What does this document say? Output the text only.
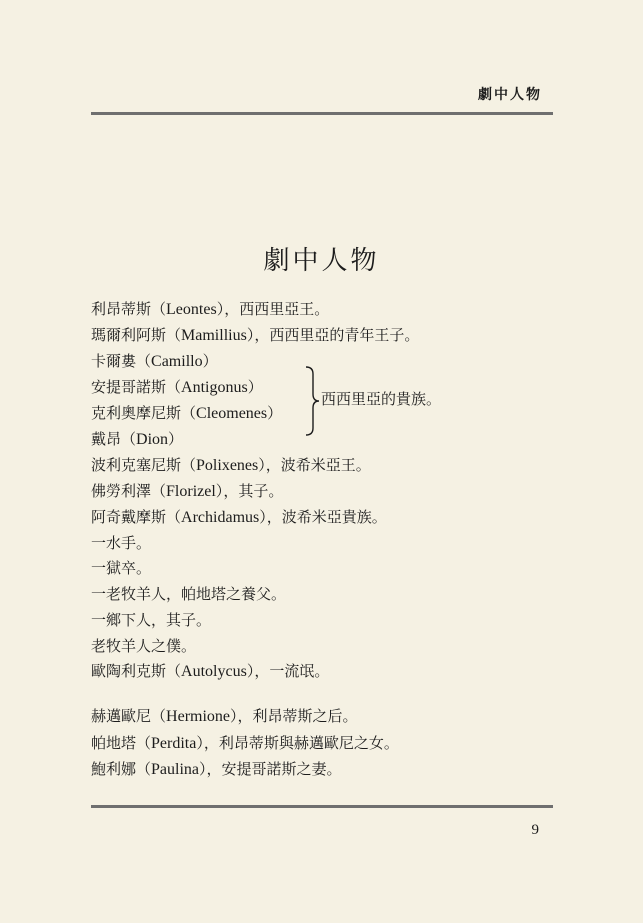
劇中人物
劇中人物
利昂蒂斯（Leontes），西西里亞王。
瑪爾利阿斯（Mamillius），西西里亞的青年王子。
卡爾婁（Camillo）
安提哥諾斯（Antigonus）
克利奧摩尼斯（Cleomenes）
戴昂（Dion）
波利克塞尼斯（Polixenes），波希米亞王。
佛勞利澤（Florizel），其子。
阿奇戴摩斯（Archidamus），波希米亞貴族。
一水手。
一獄卒。
一老牧羊人，帕地塔之養父。
一鄉下人，其子。
老牧羊人之僕。
歐陶利克斯（Autolycus），一流氓。
赫邁歐尼（Hermione），利昂蒂斯之后。
帕地塔（Perdita），利昂蒂斯與赫邁歐尼之女。
鮑利娜（Paulina），安提哥諾斯之妻。
西西里亞的貴族。
9
